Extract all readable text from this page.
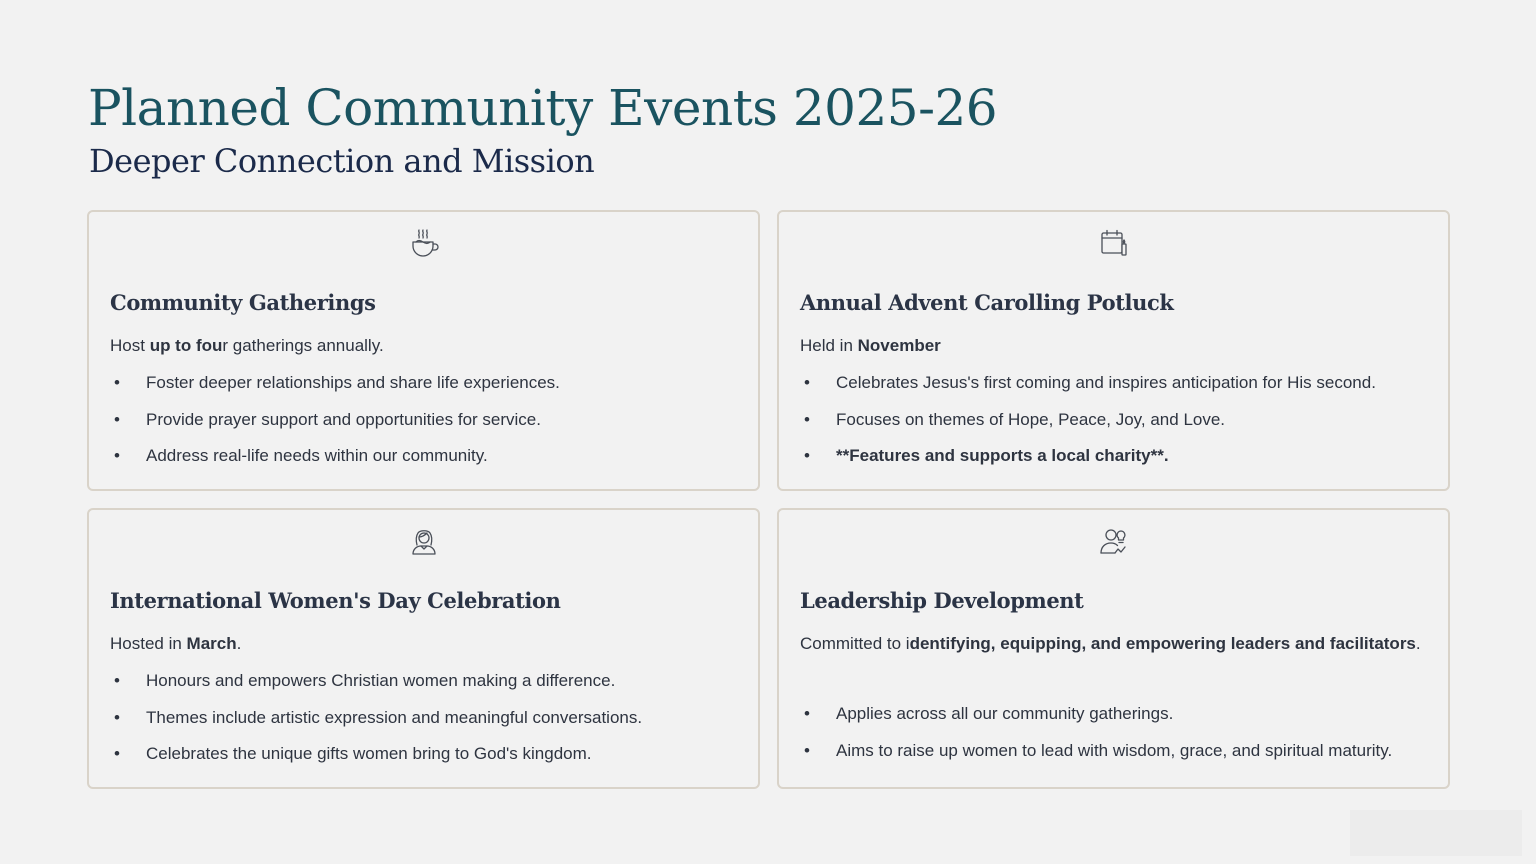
Planned Community Events 2025-26
Deeper Connection and Mission
Community Gatherings
Host up to four gatherings annually.
• Foster deeper relationships and share life experiences.
• Provide prayer support and opportunities for service.
• Address real-life needs within our community.
Annual Advent Carolling Potluck
Held in November
• Celebrates Jesus's first coming and inspires anticipation for His second.
• Focuses on themes of Hope, Peace, Joy, and Love.
• **Features and supports a local charity**.
International Women's Day Celebration
Hosted in March.
• Honours and empowers Christian women making a difference.
• Themes include artistic expression and meaningful conversations.
• Celebrates the unique gifts women bring to God's kingdom.
Leadership Development
Committed to identifying, equipping, and empowering leaders and facilitators.
• Applies across all our community gatherings.
• Aims to raise up women to lead with wisdom, grace, and spiritual maturity.
